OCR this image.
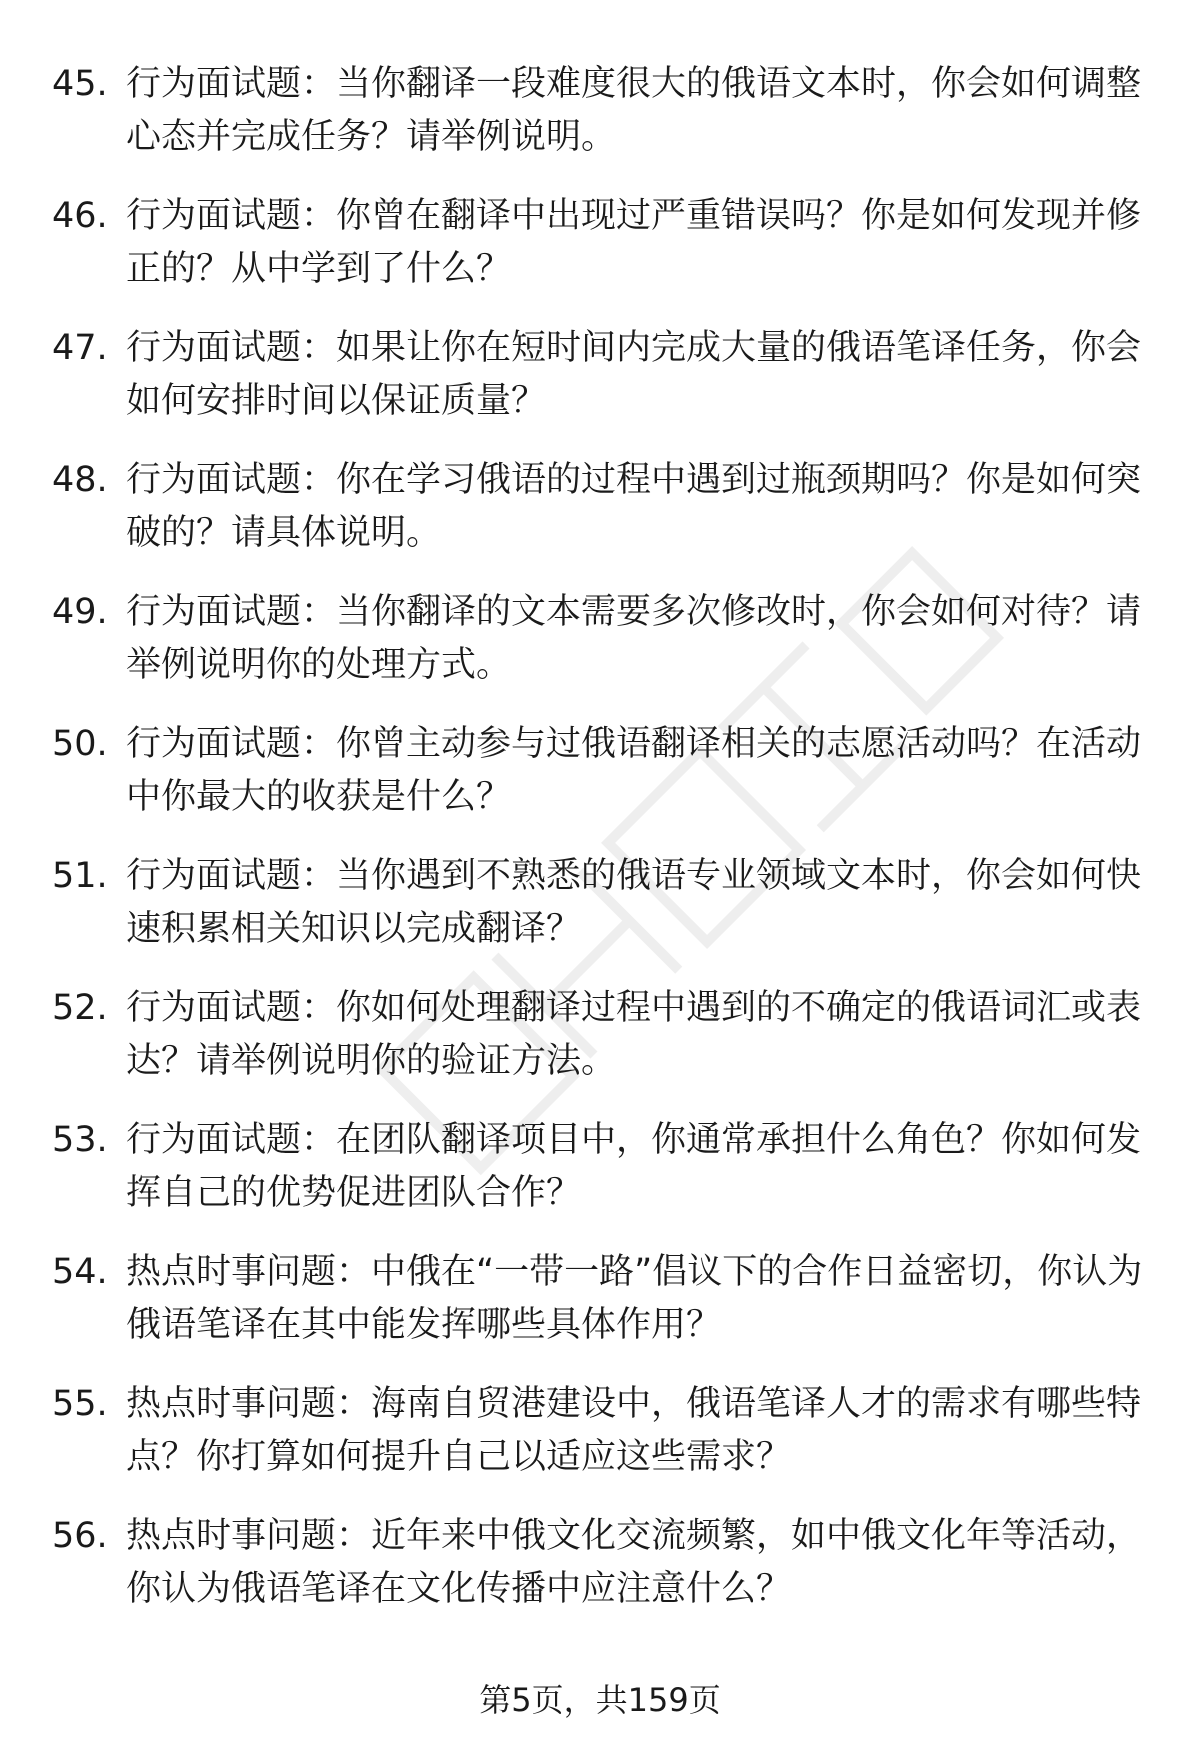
45. 行为面试题：当你翻译一段难度很大的俄语文本时，你会如何调整心态并完成任务？请举例说明。
46. 行为面试题：你曾在翻译中出现过严重错误吗？你是如何发现并修正的？从中学到了什么？
47. 行为面试题：如果让你在短时间内完成大量的俄语笔译任务，你会如何安排时间以保证质量？
48. 行为面试题：你在学习俄语的过程中遇到过瓶颈期吗？你是如何突破的？请具体说明。
49. 行为面试题：当你翻译的文本需要多次修改时，你会如何对待？请举例说明你的处理方式。
50. 行为面试题：你曾主动参与过俄语翻译相关的志愿活动吗？在活动中你最大的收获是什么？
51. 行为面试题：当你遇到不熟悉的俄语专业领域文本时，你会如何快速积累相关知识以完成翻译？
52. 行为面试题：你如何处理翻译过程中遇到的不确定的俄语词汇或表达？请举例说明你的验证方法。
53. 行为面试题：在团队翻译项目中，你通常承担什么角色？你如何发挥自己的优势促进团队合作？
54. 热点时事问题：中俄在“一带一路”倡议下的合作日益密切，你认为俄语笔译在其中能发挥哪些具体作用？
55. 热点时事问题：海南自贸港建设中，俄语笔译人才的需求有哪些特点？你打算如何提升自己以适应这些需求？
56. 热点时事问题：近年来中俄文化交流频繁，如中俄文化年等活动，你认为俄语笔译在文化传播中应注意什么？
第5页，共159页
